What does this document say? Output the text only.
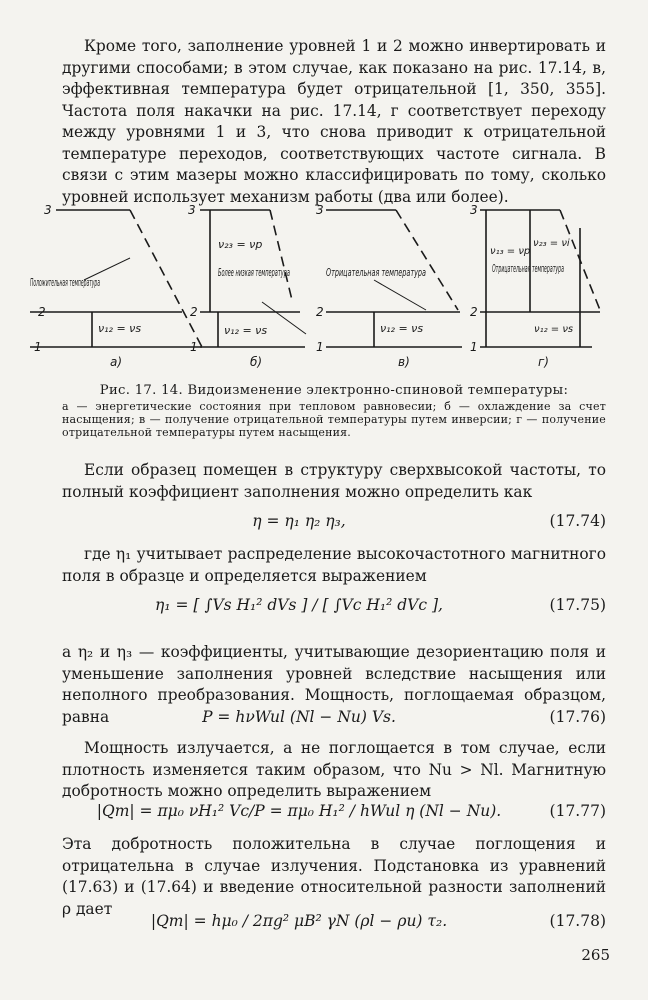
Кроме того, заполнение уровней 1 и 2 можно инвертировать и другими способами; в этом случае, как показано на рис. 17.14, в, эффективная температура будет отрицательной [1, 350, 355]. Частота поля накачки на рис. 17.14, г соответствует переходу между уровнями 1 и 3, что снова приводит к отрицательной температуре переходов, соответствующих частоте сигнала. В связи с этим мазеры можно классифицировать по тому, сколько уровней использует механизм работы (два или более).

3
2
1
3
2
1
3
2
1
3
2
1
Положительная температура
Более низкая температура	Отрицательная температура	Отрицательная температура
ν₁₂ = νs
ν₂₃ = νp
ν₁₂ = νs	ν₁₂ = νs
ν₁₃ = νp
ν₂₃ = νi
ν₁₂ = νs
а)	б)	в)	г)
Рис. 17. 14. Видоизменение электронно-спиновой температуры:
а — энергетические состояния при тепловом равновесии; б — охлаждение за счет насыщения; в — получение отрицательной температуры путем инверсии; г — получение отрицательной температуры путем насыщения.

Если образец помещен в структуру сверхвысокой частоты, то полный коэффициент заполнения можно определить как

η = η₁ η₂ η₃,	(17.74)

где η₁ учитывает распределение высокочастотного магнитного поля в образце и определяется выражением

η₁ = [ ∫Vs H₁² dVs ] / [ ∫Vc H₁² dVc ],	(17.75)

а η₂ и η₃ — коэффициенты, учитывающие дезориентацию поля и уменьшение заполнения уровней вследствие насыщения или неполного преобразования. Мощность, поглощаемая образцом, равна	P = hνWul (Nl − Nu) Vs.	(17.76)

Мощность излучается, а не поглощается в том случае, если плотность изменяется таким образом, что Nu > Nl. Магнитную добротность можно определить выражением

|Qm| = πμ₀ νH₁² Vc/P = πμ₀ H₁² / hWul η (Nl − Nu).	(17.77)

Эта добротность положительна в случае поглощения и отрицательна в случае излучения. Подстановка из уравнений (17.63) и (17.64) и введение относительной разности заполнений ρ дает

|Qm| = hμ₀ / 2πg² μB² γN (ρl − ρu) τ₂.	(17.78)
265
